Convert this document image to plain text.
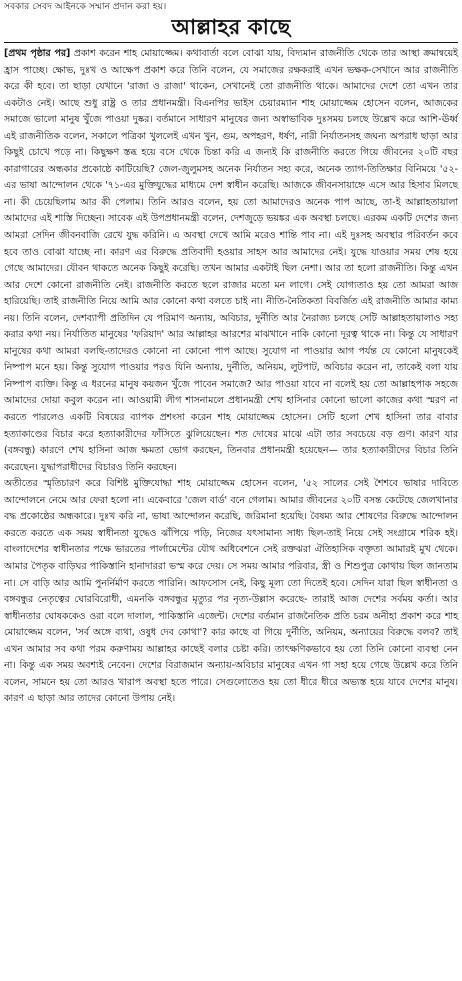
সবকার সেবদ আইনকে সম্মান প্রদান করা হয়।
আল্লাহর কাছে

[প্রথম পৃষ্ঠার পর] প্রকাশ করেন শাহ মোয়াজ্জেম। কথাবার্তা বলে বোঝা যায়, বিদ্যমান রাজনীতি থেকে তার আস্থা ক্রমান্বয়েই হ্রাস পাচ্ছে। ক্ষোভ, দুঃখ ও আক্ষেপ প্রকাশ করে তিনি বলেন, যে সমাজের রক্ষকরাই এখন ভক্ষক-সেখানে আর রাজনীতি করে কী হবে। তা ছাড়া যেখানে 'রাজা ও রাজা' থাকেন, সেখানেই তো রাজনীতি থাকে। আমাদের দেশে তো এখন তার একটাও নেই। আছে শুধু রাষ্ট্র ও তার প্রধানমন্ত্রী। বিএনপির ভাইস চেয়ারম্যান শাহ মোয়াজ্জেম হোসেন বলেন, আজকের সমাজে ভালো মানুষ খুঁজে পাওয়া দুষ্কর। বর্তমানে সাধারণ মানুষের জন্য অস্বাভাবিক দুঃসময় চলছে উল্লেখ করে আশি-ঊর্ধ্ব এই রাজনীতিক বলেন, সকালে পত্রিকা খুললেই এখন খুন, গুম, অপহরণ, ধর্ষণ, নারী নির্যাতনসহ জঘন্য অপরাধ ছাড়া আর কিছুই চোখে পড়ে না। কিছুক্ষণ স্তব্ধ হয়ে বসে থেকে চিন্তা করি এ জন্যই কি রাজনীতি করতে গিয়ে জীবনের ২০টি বছর কারাগারের অন্ধকার প্রকোষ্ঠে কাটিয়েছি? জেল-জুলুমসহ অনেক নির্যাতন সহ্য করে, অনেক ত্যাগ-তিতিক্ষার বিনিময়ে '৫২-এর ভাষা আন্দোলন থেকে '৭১-এর মুক্তিযুদ্ধের মাধ্যমে দেশ স্বাধীন করেছি। আজকে জীবনসায়াহ্নে এসে আর হিসাব মিলছে না। কী চেয়েছিলাম আর কী পেলাম। তিনি আরও বলেন, হয় তো আমাদেরও অনেক পাপ আছে, তা-ই আল্লাহতায়ালা আমাদের এই শাস্তি দিচ্ছেন। সাবেক এই উপপ্রধানমন্ত্রী বলেন, দেশজুড়ে ভয়ঙ্কর এক অবস্থা চলছে। এরকম একটি দেশের জন্য আমরা সেদিন জীবনবাজি রেখে যুদ্ধ করিনি। এ অবস্থা দেখে আমি মরেও শান্তি পাব না। এই দুঃসহ অবস্থার পরিবর্তন কবে হবে তাও বোঝা যাচ্ছে না। কারণ এর বিরুদ্ধে প্রতিবাদী হওয়ার সাহস আর আমাদের নেই। যুদ্ধে যাওয়ার সময় শেষ হয়ে গেছে আমাদের। যৌবন থাকতে অনেক কিছুই করেছি। তখন আমার একটাই ছিল নেশা। আর তা হলো রাজনীতি। কিন্তু এখন আর দেশে কোনো রাজনীতি নেই। রাজনীতি করতে ছলে রাজার মতো মন লাগে। সেই যোগ্যতাও হয় তো আমরা আজ হারিয়েছি। তাই রাজনীতি নিয়ে আমি আর কোনো কথা বলতে চাই না। নীতি-নৈতিকতা বিবর্জিত এই রাজনীতি আমার কাম্য নয়। তিনি বলেন, দেশব্যাপী প্রতিদিন যে পরিমাণ অন্যায়, অবিচার, দুর্নীতি আর নৈরাজ্য চলছে সেটি আল্লাহতায়ালাও সহ্য করার কথা নয়। নির্যাতিত মানুষের 'ফরিয়াদ' আর আল্লাহর আরশের মাঝখানে নাকি কোনো দূরত্ব থাকে না। কিন্তু যে সাধারণ মানুষের কথা আমরা বলছি-তাদেরও কোনো না কোনো পাপ আছে। সুযোগ না পাওয়ার আগ পর্যন্ত যে কোনো মানুষকেই নিষ্পাপ মনে হয়। কিন্তু সুযোগ পাওয়ার পরও যিনি অন্যায়, দুর্নীতি, অনিয়ম, লুটপাট, অবিচার করেন না, তাকেই বলা যায় নিষ্পাপ ব্যক্তি। কিন্তু এ ধরনের মানুষ কয়জন খুঁজে পাবেন সমাজে? আর পাওয়া যাবে না বলেই হয় তো আল্লাহপাক সহজে আমাদের দোয়া কবুল করেন না। আওয়ামী লীগ শাসনামলে প্রধানমন্ত্রী শেখ হাসিনার কোনো ভালো কাজের কথা স্মরণ না করতে পারলেও একটি বিষয়ের ব্যাপক প্রশংসা করেন শাহ মোয়াজ্জেম হোসেন। সেটি হলো শেখ হাসিনা তার বাবার হত্যাকাণ্ডের বিচার করে হত্যাকারীদের ফাঁসিতে ঝুলিয়েছেন। শত দোষের মাঝে এটা তার সবচেয়ে বড় গুণ। কারণ যার (বঙ্গবন্ধু) কারণে শেখ হাসিনা আজ ক্ষমতা ভোগ করছেন, তিনবার প্রধানমন্ত্রী হয়েছেন— তার হত্যাকারীদের বিচার তিনি করেছেন। যুদ্ধাপরাধীদের বিচারও তিনি করছেন।

অতীতের স্মৃতিচারণ করে বিশিষ্ট মুক্তিযোদ্ধা শাহ মোয়াজ্জেম হোসেন বলেন, '৫২ সালের সেই শৈশবে ভাষার দাবিতে আন্দোলনে নেমে আর ফেরা হলো না। একেবারে 'জেল বার্ড' বনে গেলাম। আমার জীবনের ২০টি বসন্ত কেটেছে জেলখানার বদ্ধ প্রকোষ্ঠের অন্ধকারে। দুঃখ করি না, ভাষা আন্দোলন করেছি, জরিমানা হয়েছি। বৈষম্য আর শোষণের বিরুদ্ধে আন্দোলন করতে করতে এক সময় স্বাধীনতা যুদ্ধেও ঝাঁপিয়ে পড়ি, নিজের যৎসামান্য সাধ্য ছিল-তাই নিয়ে সেই সংগ্রামে শরিক হই। বাংলাদেশের স্বাধীনতার পক্ষে ভারতের পার্লামেন্টের যৌথ অধিবেশনে সেই রক্তঝরা ঐতিহাসিক বক্তৃতা আমারই মুখ থেকে। আমার পৈতৃক বাড়িঘর পাকিস্তানি হানাদাররা ভস্ম করে দেয়। সে সময় আমার পরিবার, স্ত্রী ও শিশুপুত্র কোথায় ছিল জানতাম না। সে বাড়ি আর আমি পুনর্নির্মাণ করতে পারিনি। আফসোস নেই, কিছু মূল্য তো দিতেই হবে। সেদিন যারা ছিল স্বাধীনতা ও বঙ্গবন্ধুর নেতৃত্বের ঘোরবিরোধী, এমনকি বঙ্গবন্ধুর মৃত্যুর পর নৃত্য-উল্লাস করেছে- তারাই আজ দেশের সর্বময় কর্তা। আর স্বাধীনতার ঘোষককেও ওরা বলে দালাল, পাকিস্তানি এজেন্ট। দেশের বর্তমান রাজনৈতিক প্রতি চরম অনীহা প্রকাশ করে শাহ মোয়াজ্জেম বলেন, 'সর্ব অঙ্গে ব্যথা, ওষুধ দেব কোথা'? কার কাছে বা গিয়ে দুর্নীতি, অনিয়ম, অন্যায়ের বিরুদ্ধে বলব? তাই এখন আমার সব কথা পরম করুণাময় আল্লাহর কাছেই বলার চেষ্টা করি। তাৎক্ষণিকভাবে হয় তো তিনি কোনো ব্যবস্থা নেন না। কিন্তু এক সময় অবশ্যই নেবেন। দেশের বিরাজমান অন্যায়-অবিচার মানুষের এখন গা সহা হয়ে গেছে উল্লেখ করে তিনি বলেন, সামনে হয় তো আরও খারাপ অবস্থা হতে পারে। সেগুলোতেও হয় তো ধীরে ধীরে অভ্যস্ত হয়ে যাবে দেশের মানুষ। কারণ এ ছাড়া আর তাদের কোনো উপায় নেই।
